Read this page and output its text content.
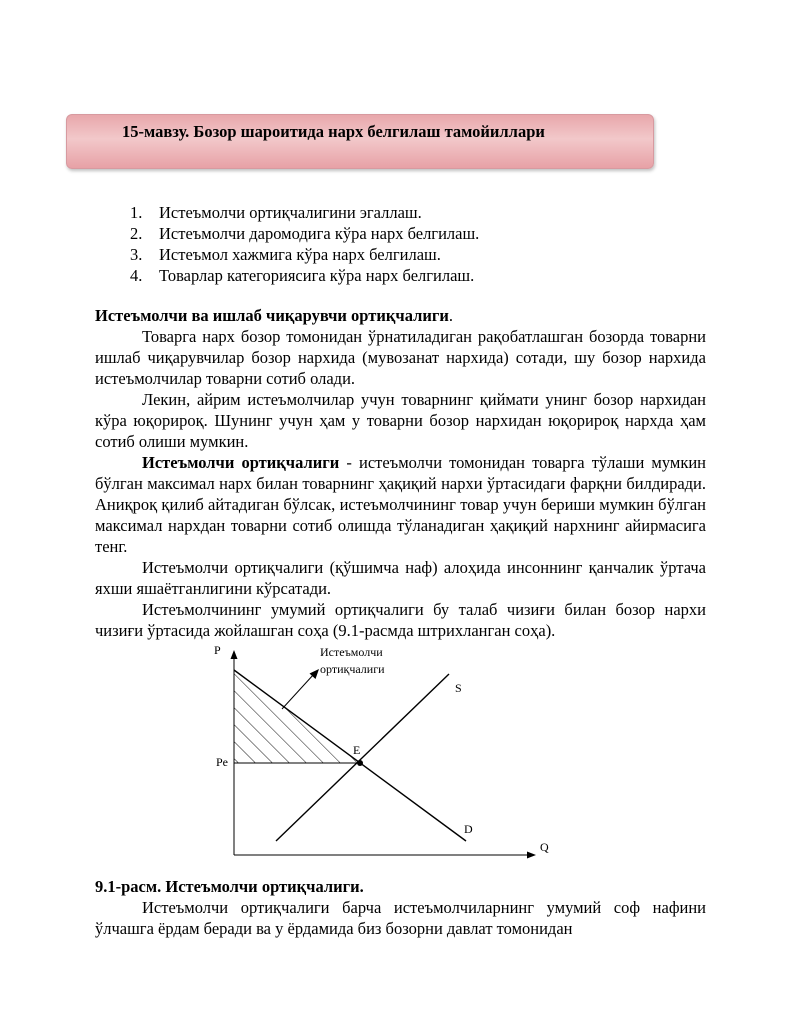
15-мавзу. Бозор шароитида нарх белгилаш тамойиллари
1. Истеъмолчи ортиқчалигини эгаллаш.
2. Истеъмолчи даромодига кўра нарх белгилаш.
3. Истеъмол хажмига кўра нарх белгилаш.
4. Товарлар категориясига кўра нарх белгилаш.

Истеъмолчи ва ишлаб чиқарувчи ортиқчалиги.

Товарга нарх бозор томонидан ўрнатиладиган рақобатлашган бозорда товарни ишлаб чиқарувчилар бозор нархида (мувозанат нархида) сотади, шу бозор нархида истеъмолчилар товарни сотиб олади.

Лекин, айрим истеъмолчилар учун товарнинг қиймати унинг бозор нархидан кўра юқорироқ. Шунинг учун ҳам у товарни бозор нархидан юқорироқ нархда ҳам сотиб олиши мумкин.

Истеъмолчи ортиқчалиги - истеъмолчи томонидан товарга тўлаши мумкин бўлган максимал нарх билан товарнинг ҳақиқий нархи ўртасидаги фарқни билдиради. Аниқроқ қилиб айтадиган бўлсак, истеъмолчининг товар учун бериши мумкин бўлган максимал нархдан товарни сотиб олишда тўланадиган ҳақиқий нархнинг айирмасига тенг.

Истеъмолчи ортиқчалиги (қўшимча наф) алоҳида инсоннинг қанчалик ўртача яхши яшаётганлигини кўрсатади.

Истеъмолчининг умумий ортиқчалиги бу талаб чизиғи билан бозор нархи чизиғи ўртасида жойлашган соҳа (9.1-расмда штрихланган соҳа).

P
Q
Pe
E
S
D
Истеъмолчи
ортиқчалиги
9.1-расм. Истеъмолчи ортиқчалиги.

Истеъмолчи ортиқчалиги барча истеъмолчиларнинг умумий соф нафини ўлчашга ёрдам беради ва у ёрдамида биз бозорни давлат томонидан
